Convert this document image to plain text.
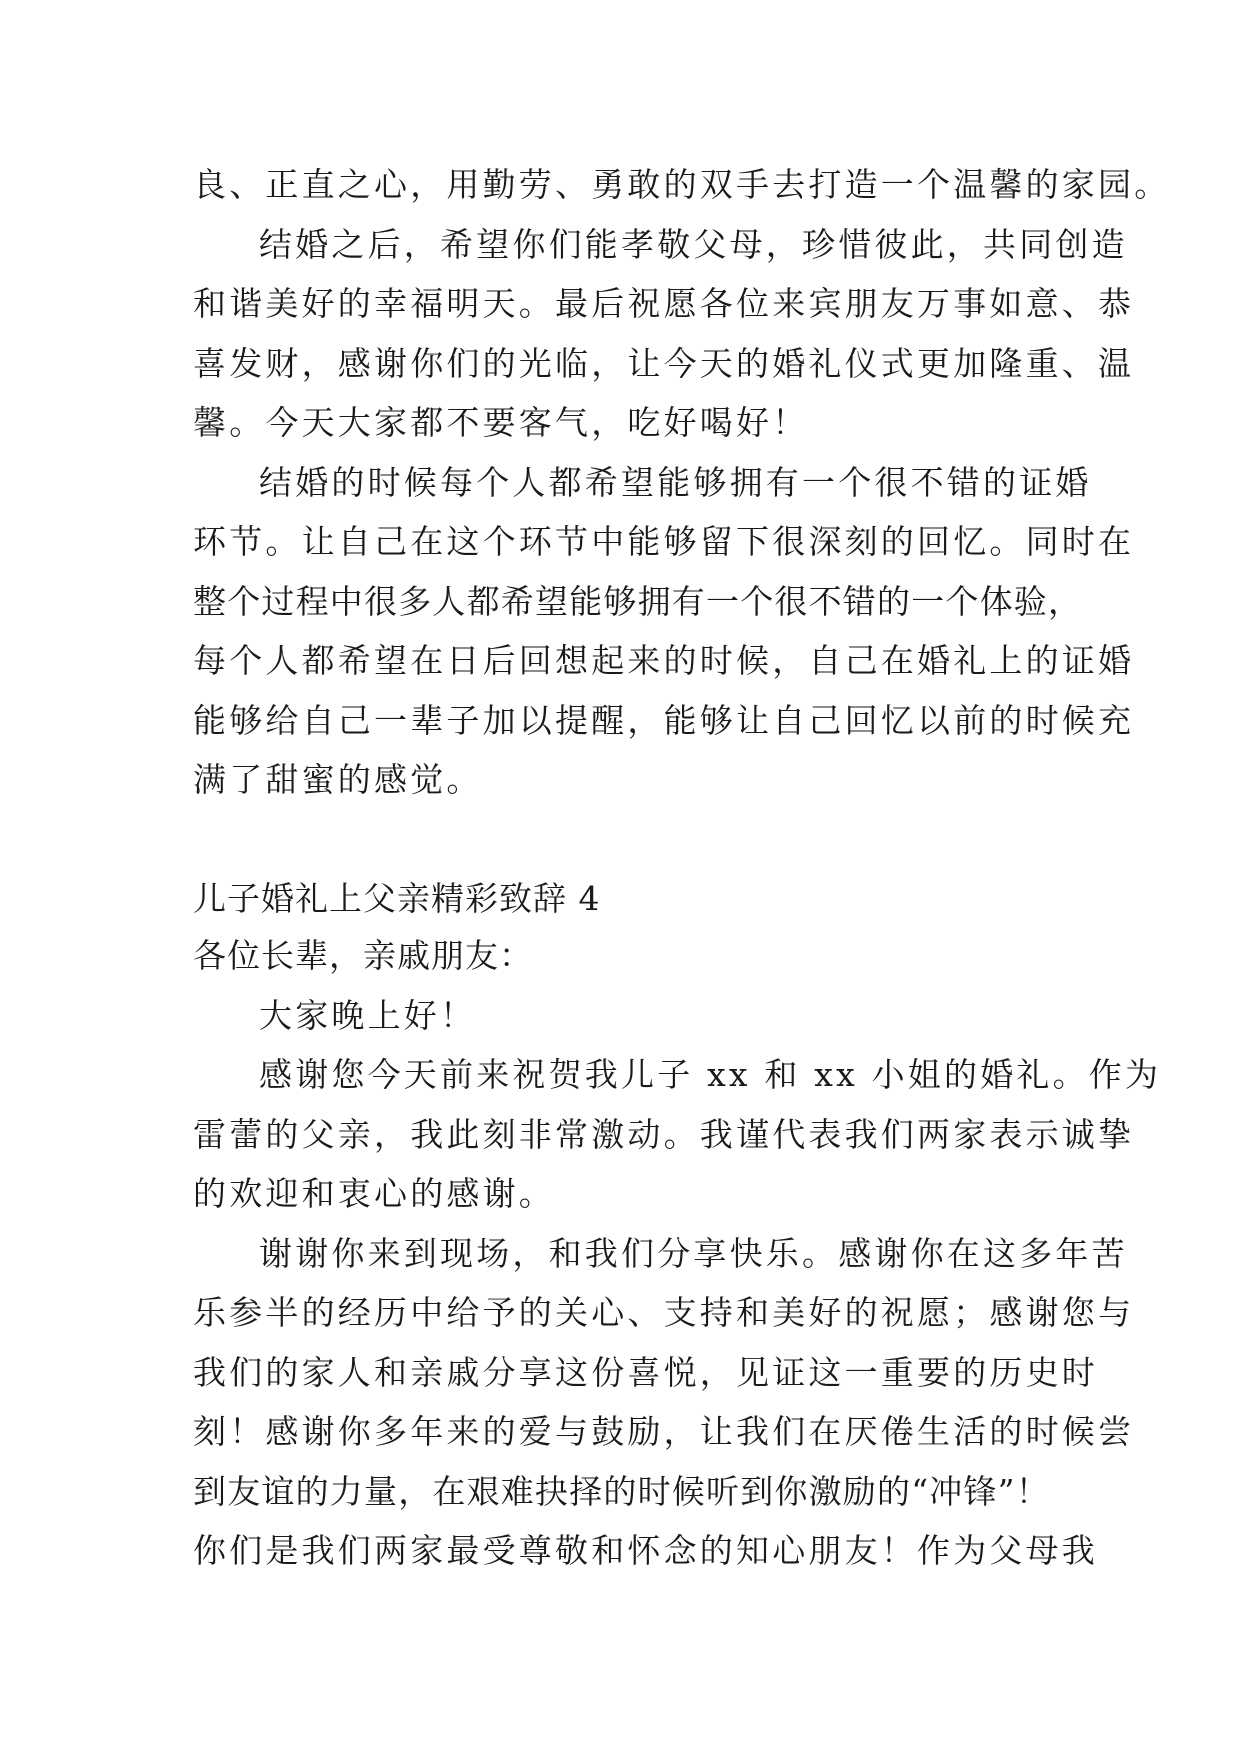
良、正直之心，用勤劳、勇敢的双手去打造一个温馨的家园。
结婚之后，希望你们能孝敬父母，珍惜彼此，共同创造
和谐美好的幸福明天。最后祝愿各位来宾朋友万事如意、恭
喜发财，感谢你们的光临，让今天的婚礼仪式更加隆重、温
馨。今天大家都不要客气，吃好喝好！
结婚的时候每个人都希望能够拥有一个很不错的证婚
环节。让自己在这个环节中能够留下很深刻的回忆。同时在
整个过程中很多人都希望能够拥有一个很不错的一个体验，
每个人都希望在日后回想起来的时候，自己在婚礼上的证婚
能够给自己一辈子加以提醒，能够让自己回忆以前的时候充
满了甜蜜的感觉。
儿子婚礼上父亲精彩致辞 4
各位长辈，亲戚朋友：
大家晚上好！
感谢您今天前来祝贺我儿子 xx 和 xx 小姐的婚礼。作为
雷蕾的父亲，我此刻非常激动。我谨代表我们两家表示诚挚
的欢迎和衷心的感谢。
谢谢你来到现场，和我们分享快乐。感谢你在这多年苦
乐参半的经历中给予的关心、支持和美好的祝愿；感谢您与
我们的家人和亲戚分享这份喜悦，见证这一重要的历史时
刻！感谢你多年来的爱与鼓励，让我们在厌倦生活的时候尝
到友谊的力量，在艰难抉择的时候听到你激励的“冲锋”！
你们是我们两家最受尊敬和怀念的知心朋友！作为父母我
